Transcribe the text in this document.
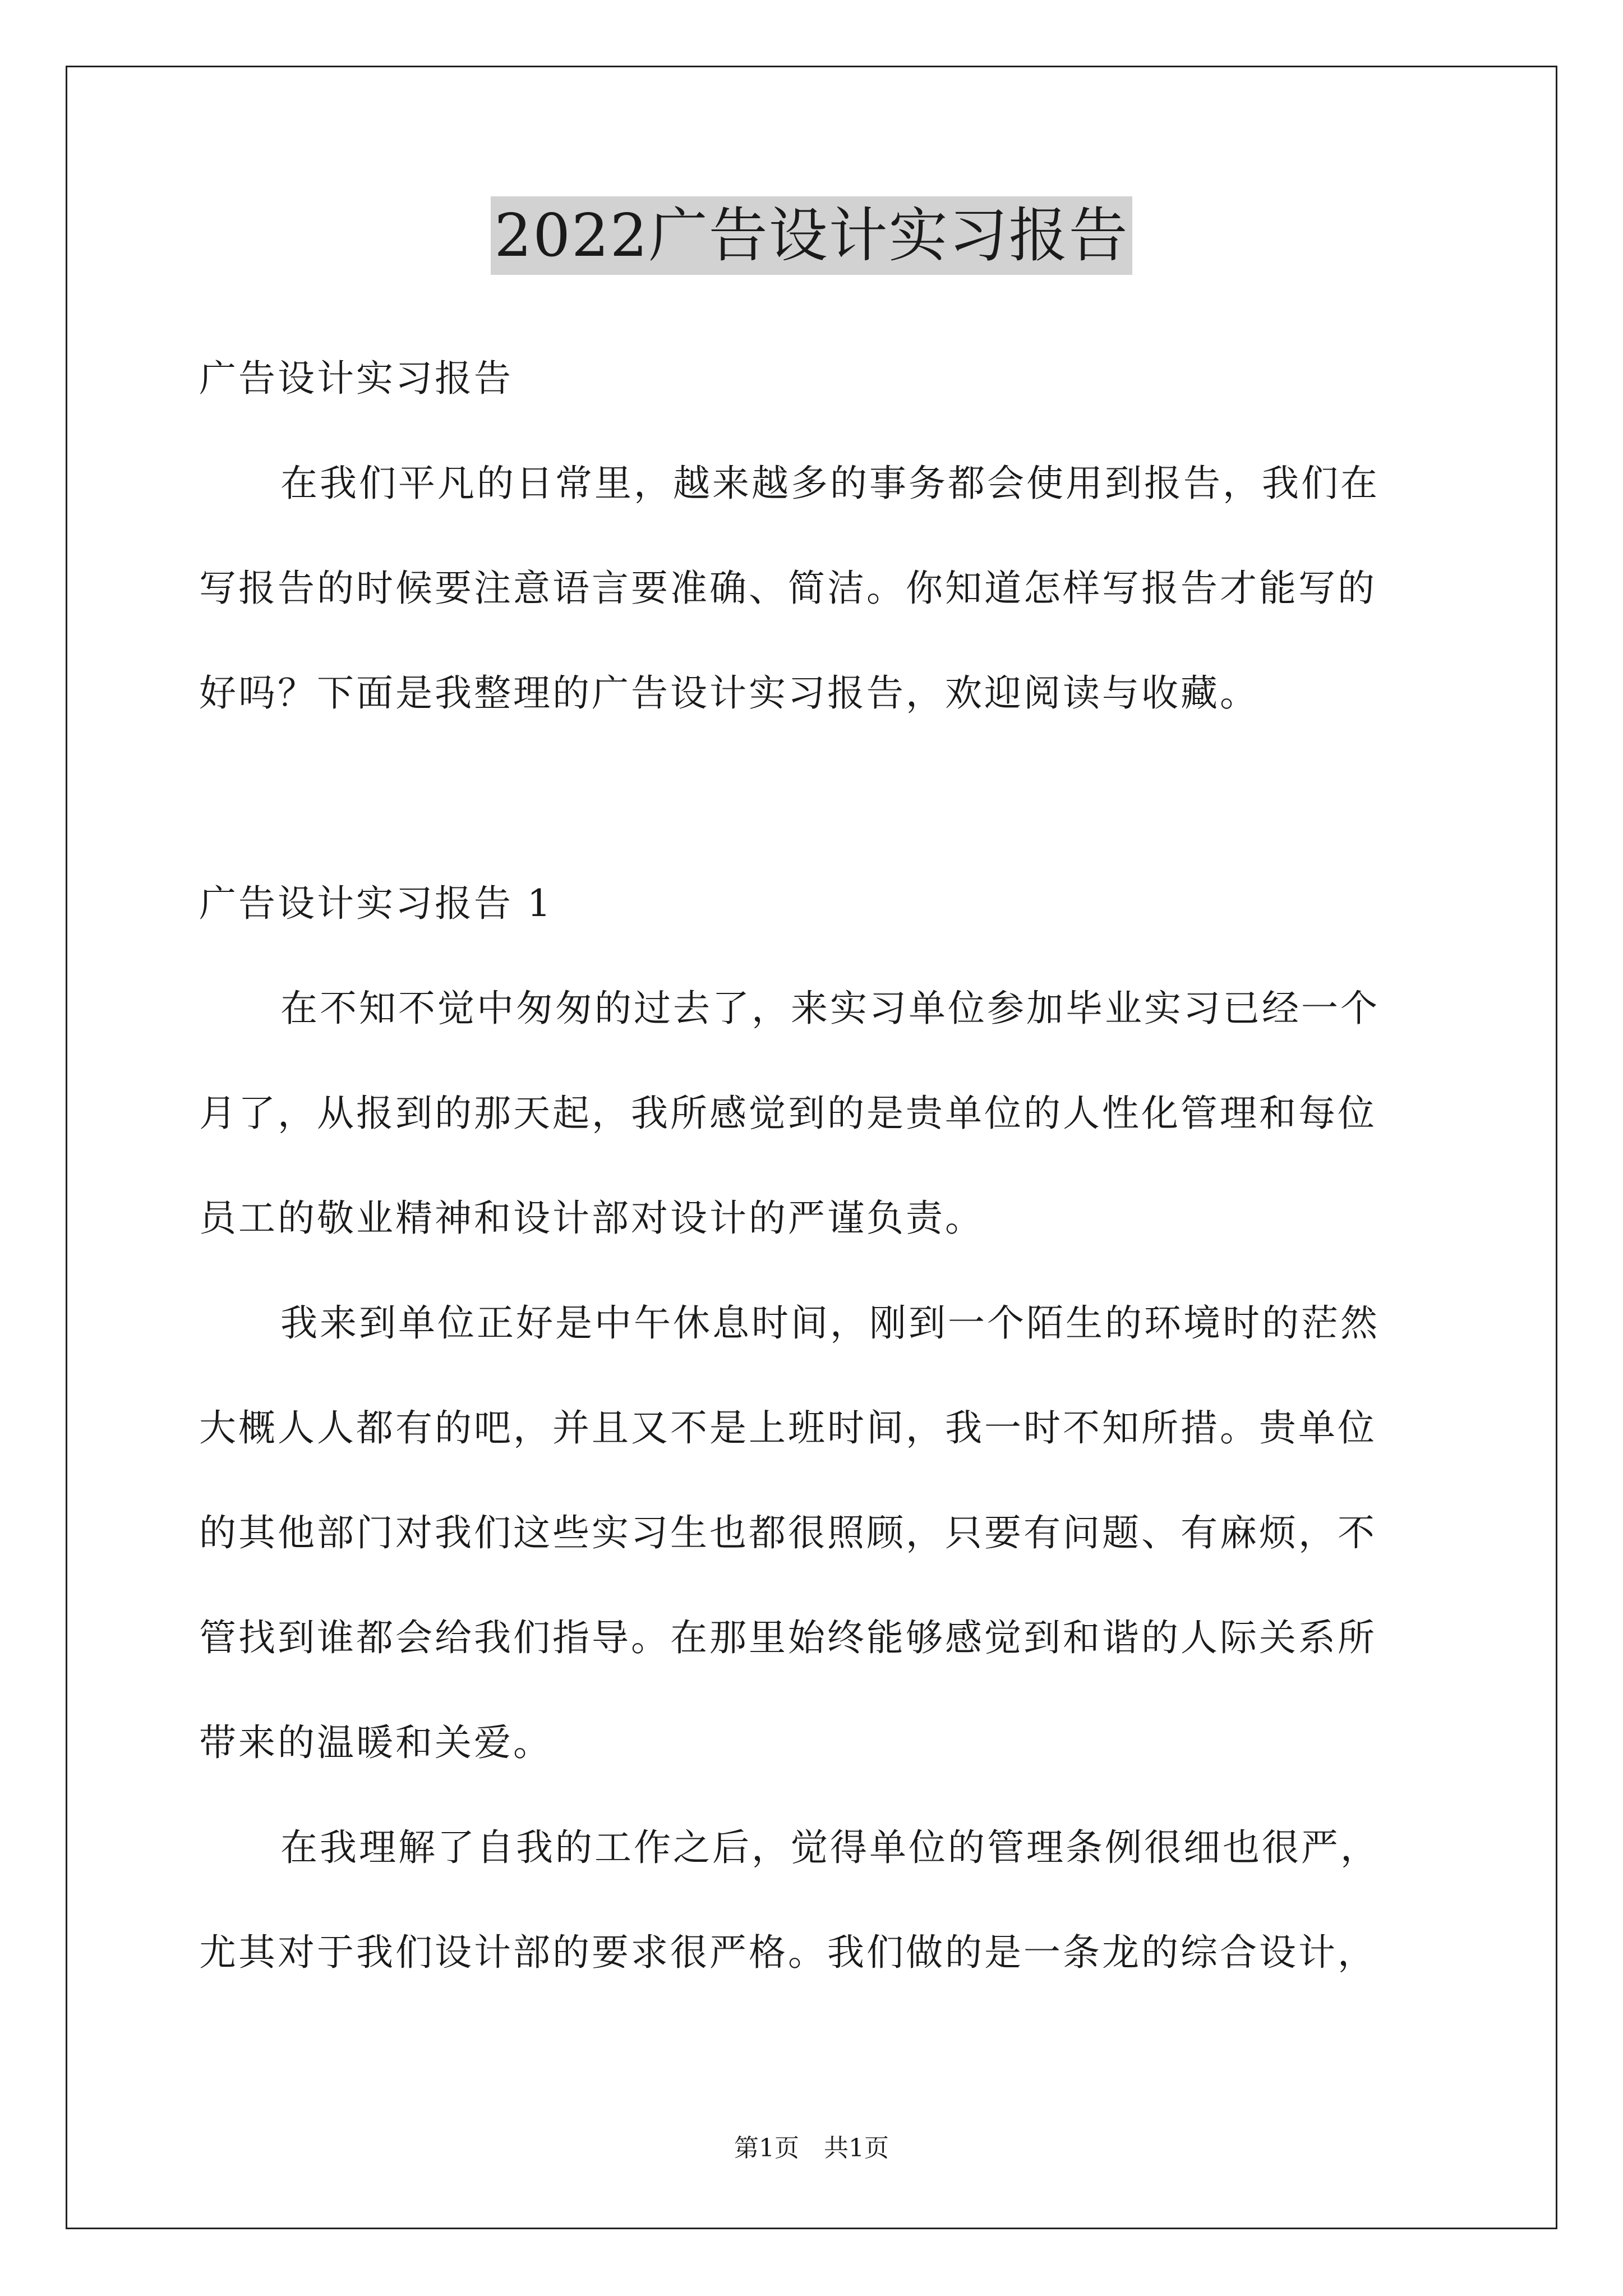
2022广告设计实习报告
广告设计实习报告
在我们平凡的日常里，越来越多的事务都会使用到报告，我们在
写报告的时候要注意语言要准确、简洁。你知道怎样写报告才能写的
好吗？下面是我整理的广告设计实习报告，欢迎阅读与收藏。
广告设计实习报告 1
在不知不觉中匆匆的过去了，来实习单位参加毕业实习已经一个
月了，从报到的那天起，我所感觉到的是贵单位的人性化管理和每位
员工的敬业精神和设计部对设计的严谨负责。
我来到单位正好是中午休息时间，刚到一个陌生的环境时的茫然
大概人人都有的吧，并且又不是上班时间，我一时不知所措。贵单位
的其他部门对我们这些实习生也都很照顾，只要有问题、有麻烦，不
管找到谁都会给我们指导。在那里始终能够感觉到和谐的人际关系所
带来的温暖和关爱。
在我理解了自我的工作之后，觉得单位的管理条例很细也很严，
尤其对于我们设计部的要求很严格。我们做的是一条龙的综合设计，
第1页 共1页
